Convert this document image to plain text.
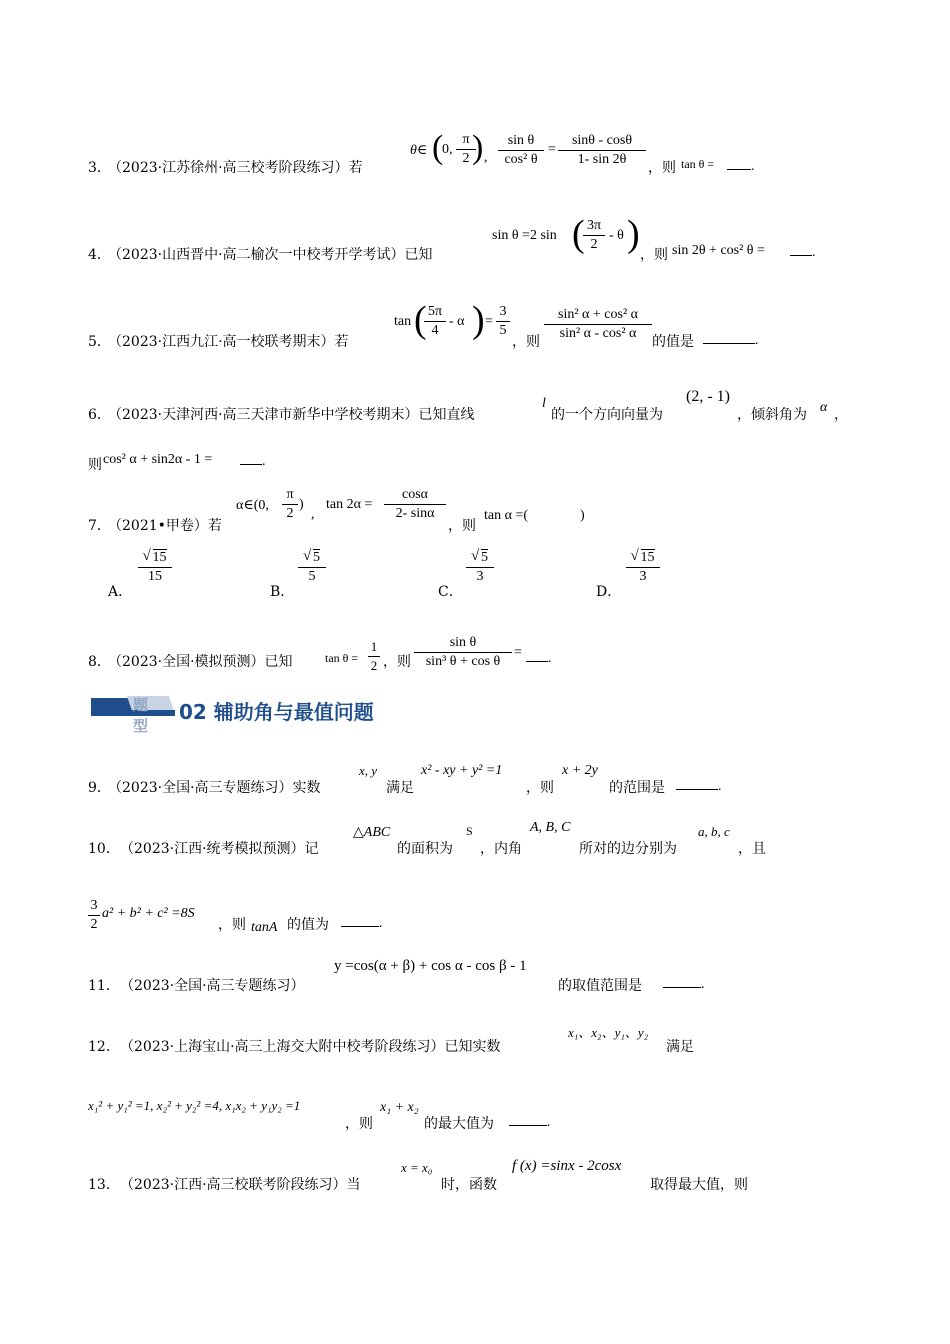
3．
（2023·江苏徐州·高三校考阶段练习）若
θ∈ (
0,
π
2 ) ,
sin θ
cos² θ
=
sinθ - cosθ
1- sin 2θ
，则 tan θ =	.
4．
（2023·山西晋中·高二榆次一中校考开学考试）已知
sin θ =2 sin ( 3π
2
- θ ) ，则 sin 2θ + cos² θ =	.
5．
（2023·江西九江·高一校联考期末）若
tan ( 5π
4
- α ) =
3
5
，则
sin² α + cos² α
sin² α - cos² α
的值是	.
6．
（2023·天津河西·高三天津市新华中学校考期末）已知直线
l
的一个方向向量为
(2, - 1)
，倾斜角为 α ，
则 cos² α + sin2α - 1 =	.
7．
（2021•甲卷）若
α∈(0,
π
2
)
,
tan 2α =
cosα
2- sinα
，则
tan α =(	)
A．
√ 15
15
B．
√ 5
5
C．
√ 5
3
D．
√ 15
3
8．
（2023·全国·模拟预测）已知	tan θ =
1
2 ，则
sin θ
sin³ θ + cos θ
=	.
题型
02 辅助角与最值问题
9．
（2023·全国·高三专题练习）实数
x, y
满足
x² - xy + y² =1
，则
x + 2y
的范围是	.
10． （2023·江西·统考模拟预测）记
△ABC
的面积为
S
，内角
A, B, C
所对的边分别为
a, b, c
，且
3
2
a² + b² + c² =8S
，则 tanA 的值为	.
11． （2023·全国·高三专题练习）
y =cos(α + β) + cos α - cos β - 1
的取值范围是	.
12． （2023·上海宝山·高三上海交大附中校考阶段练习）已知实数
x₁、x₂、y₁、y₂
满足
x₁² + y₁² =1, x₂² + y₂² =4, x₁x₂ + y₁y₂ =1
，则
x₁ + x₂
的最大值为	.
13． （2023·江西·高三校联考阶段练习）当
x = x₀
时，函数
f (x) =sinx - 2cosx
取得最大值，则
